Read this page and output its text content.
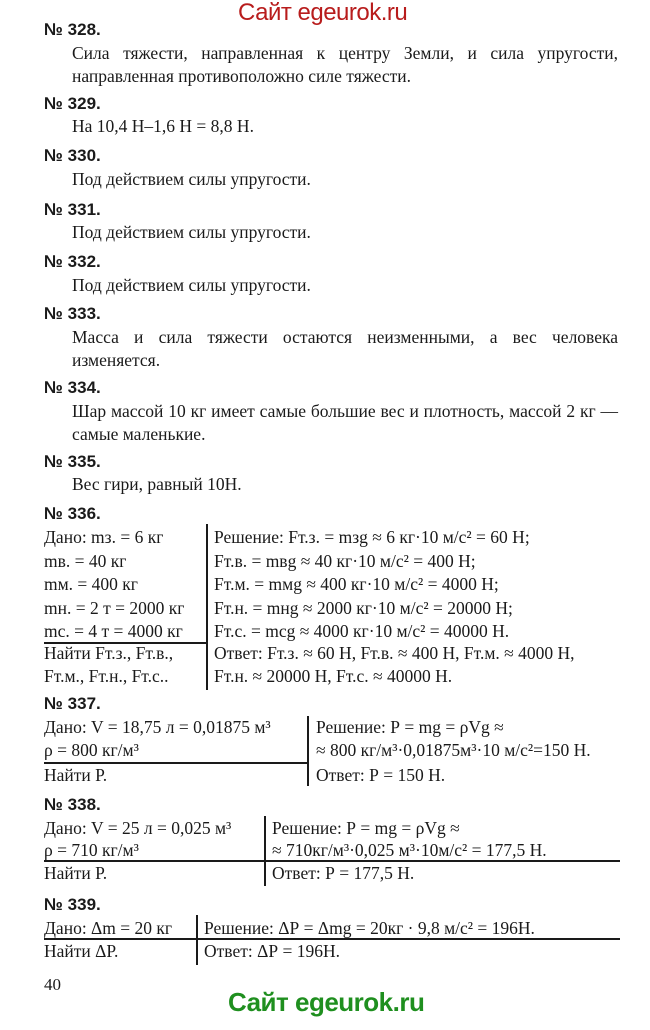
Сайт egeurok.ru
№ 328.
Сила тяжести, направленная к центру Земли, и сила упругости, направленная противоположно силе тяжести.
№ 329.
На 10,4 Н–1,6 Н = 8,8 Н.
№ 330.
Под действием силы упругости.
№ 331.
Под действием силы упругости.
№ 332.
Под действием силы упругости.
№ 333.
Масса и сила тяжести остаются неизменными, а вес человека изменяется.
№ 334.
Шар массой 10 кг имеет самые большие вес и плотность, массой 2 кг — самые маленькие.
№ 335.
Вес гири, равный 10Н.
№ 336.
Дано: mз. = 6 кг
mв. = 40 кг
mм. = 400 кг
mн. = 2 т = 2000 кг
mс. = 4 т = 4000 кг
Найти Fт.з., Fт.в.,
Fт.м., Fт.н., Fт.с..
Решение: Fт.з. = mзg ≈ 6 кг·10 м/с² = 60 Н;
Fт.в. = mвg ≈ 40 кг·10 м/с² = 400 Н;
Fт.м. = mмg ≈ 400 кг·10 м/с² = 4000 Н;
Fт.н. = mнg ≈ 2000 кг·10 м/с² = 20000 Н;
Fт.с. = mсg ≈ 4000 кг·10 м/с² = 40000 Н.
Ответ: Fт.з. ≈ 60 Н, Fт.в. ≈ 400 Н, Fт.м. ≈ 4000 Н,
Fт.н. ≈ 20000 Н, Fт.с. ≈ 40000 Н.
№ 337.
Дано: V = 18,75 л = 0,01875 м³
ρ = 800 кг/м³
Найти Р.
Решение: Р = mg = ρVg ≈
≈ 800 кг/м³·0,01875м³·10 м/с²=150 Н.
Ответ: Р = 150 Н.
№ 338.
Дано: V = 25 л = 0,025 м³
ρ = 710 кг/м³
Найти Р.
Решение: Р = mg = ρVg ≈
≈ 710кг/м³·0,025 м³·10м/с² = 177,5 Н.
Ответ: Р = 177,5 Н.
№ 339.
Дано: Δm = 20 кг
Найти ΔР.
Решение: ΔР = Δmg = 20кг · 9,8 м/с² = 196Н.
Ответ: ΔР = 196Н.
40
Сайт egeurok.ru
